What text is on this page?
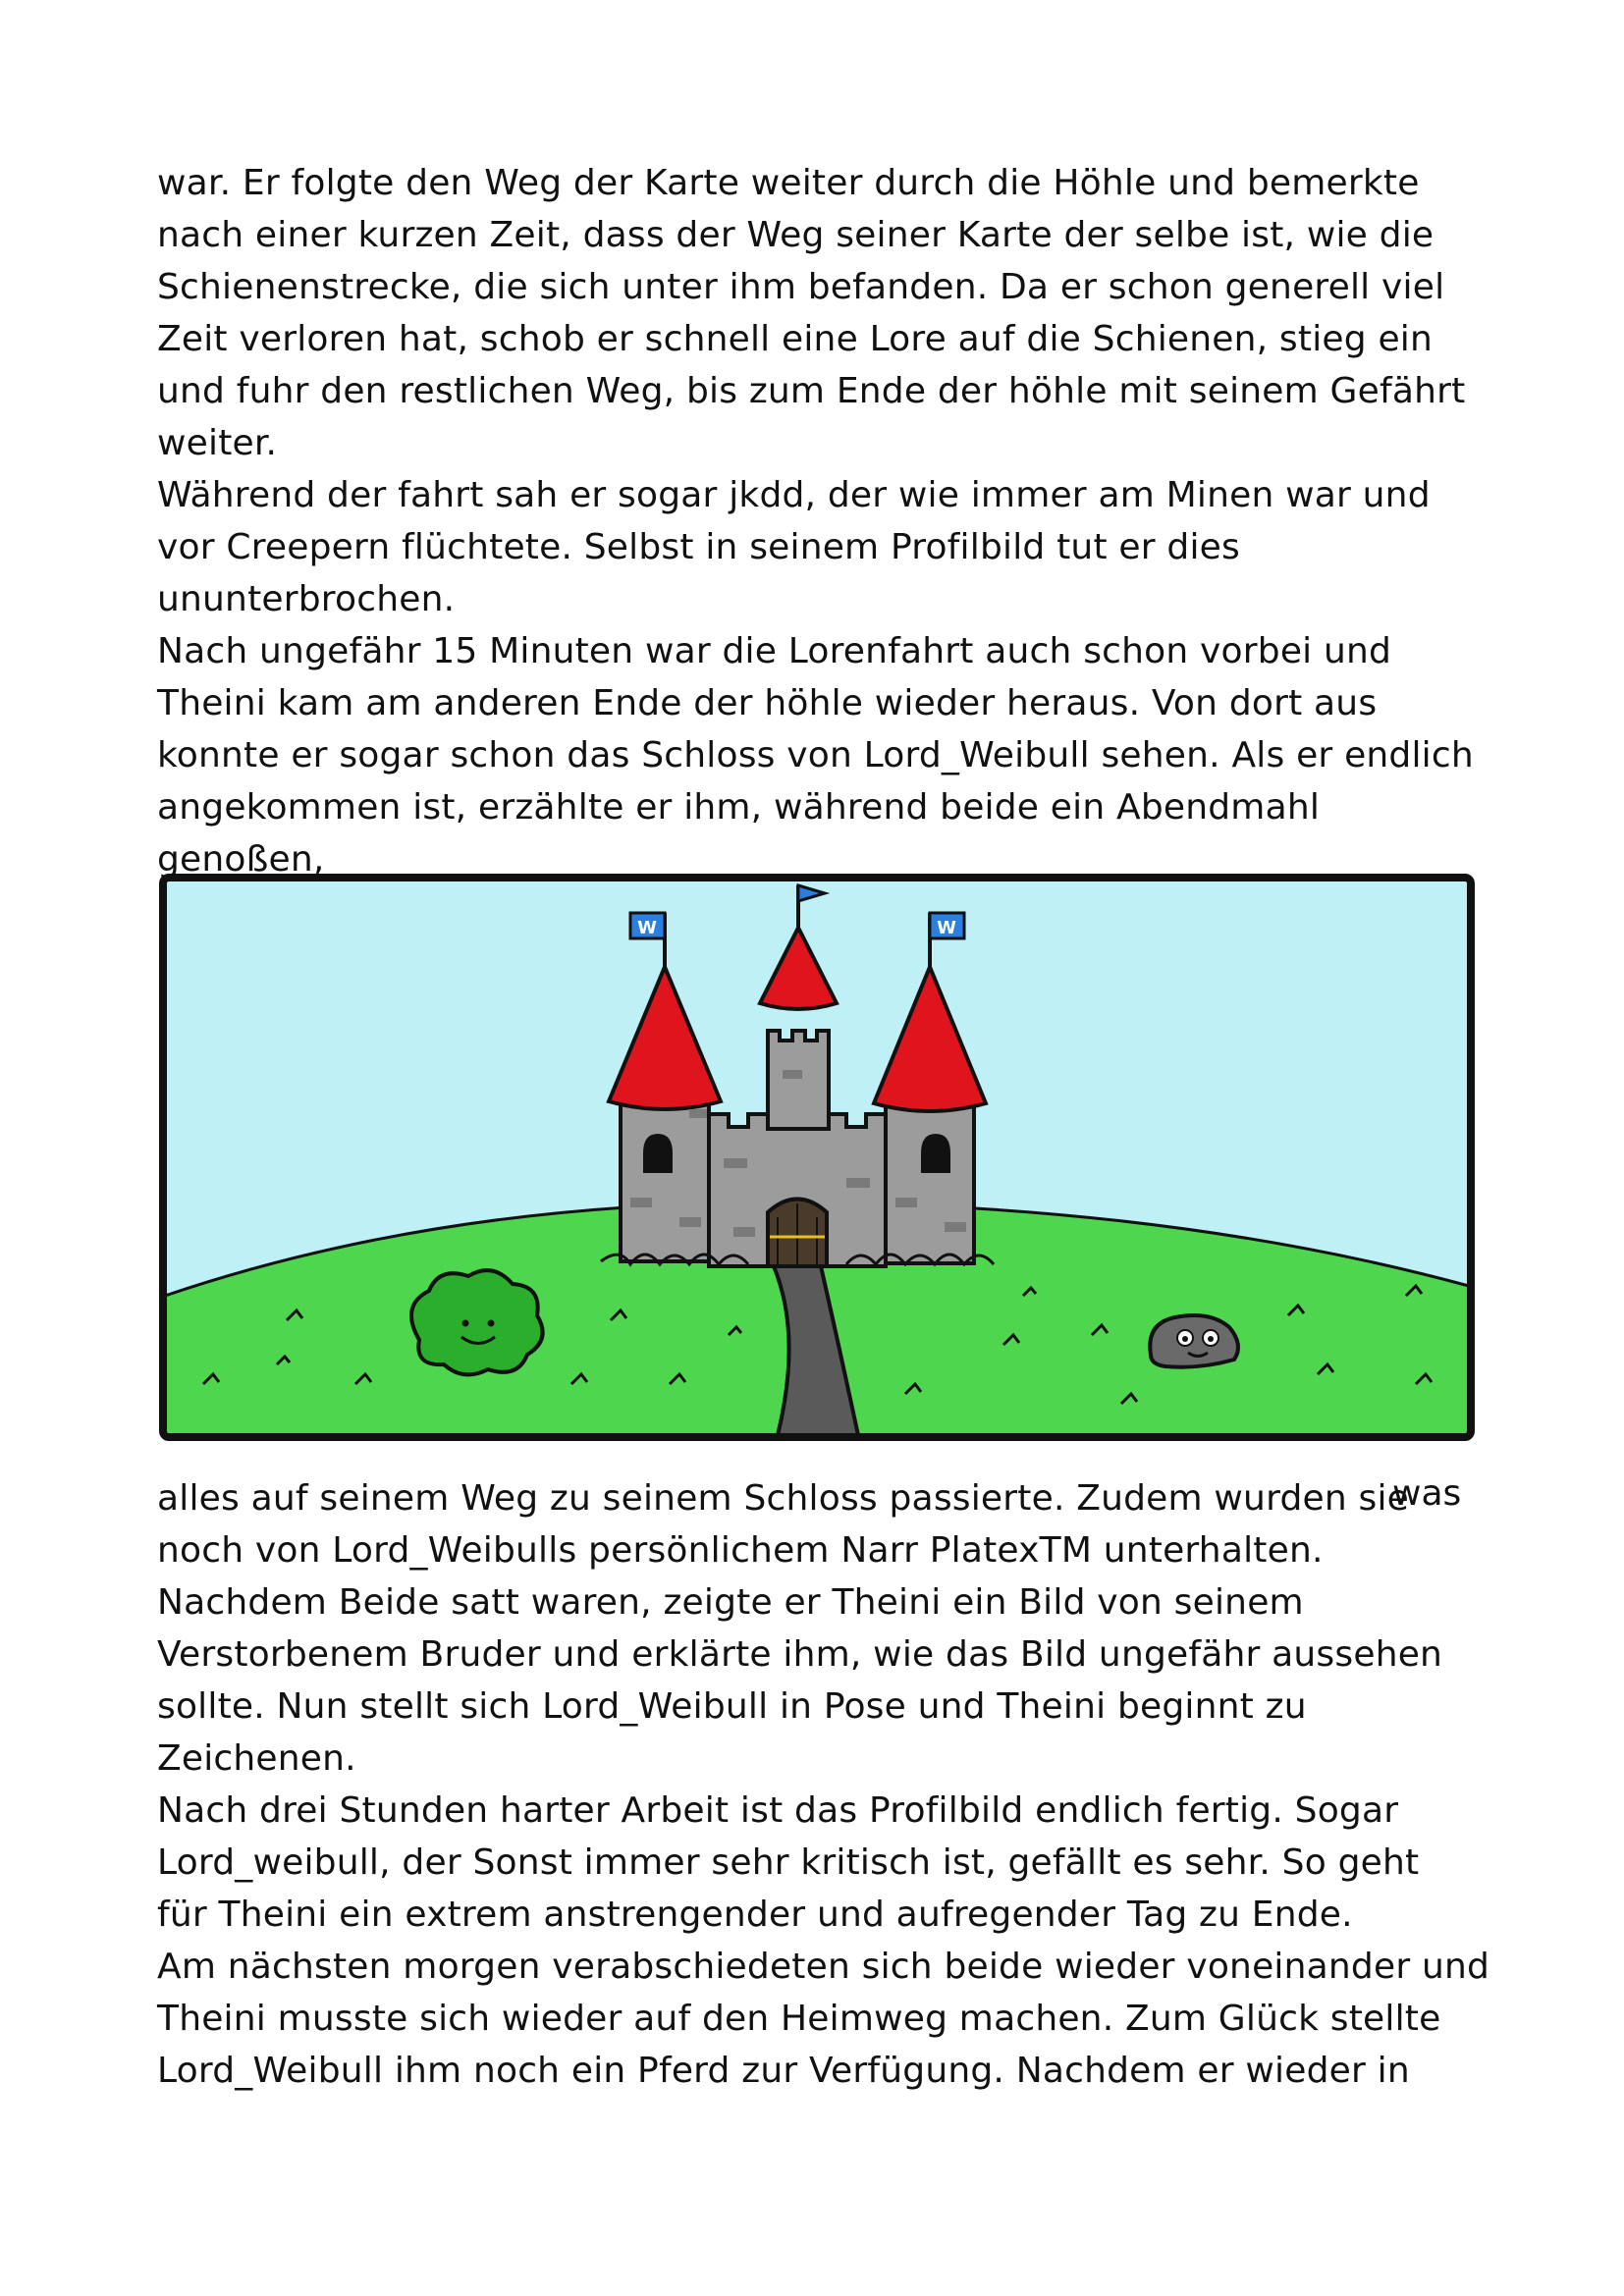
war. Er folgte den Weg der Karte weiter durch die Höhle und bemerkte
nach einer kurzen Zeit, dass der Weg seiner Karte der selbe ist, wie die
Schienenstrecke, die sich unter ihm befanden. Da er schon generell viel
Zeit verloren hat, schob er schnell eine Lore auf die Schienen, stieg ein
und fuhr den restlichen Weg, bis zum Ende der höhle mit seinem Gefährt
weiter.
Während der fahrt sah er sogar jkdd, der wie immer am Minen war und
vor Creepern flüchtete. Selbst in seinem Profilbild tut er dies
ununterbrochen.
Nach ungefähr 15 Minuten war die Lorenfahrt auch schon vorbei und
Theini kam am anderen Ende der höhle wieder heraus. Von dort aus
konnte er sogar schon das Schloss von Lord_Weibull sehen. Als er endlich
angekommen ist, erzählte er ihm, während beide ein Abendmahl genoßen,

W	W
was

alles auf seinem Weg zu seinem Schloss passierte. Zudem wurden sie
noch von Lord_Weibulls persönlichem Narr PlatexTM unterhalten.
Nachdem Beide satt waren, zeigte er Theini ein Bild von seinem
Verstorbenem Bruder und erklärte ihm, wie das Bild ungefähr aussehen
sollte. Nun stellt sich Lord_Weibull in Pose und Theini beginnt zu
Zeichenen.
Nach drei Stunden harter Arbeit ist das Profilbild endlich fertig. Sogar
Lord_weibull, der Sonst immer sehr kritisch ist, gefällt es sehr. So geht
für Theini ein extrem anstrengender und aufregender Tag zu Ende.
Am nächsten morgen verabschiedeten sich beide wieder voneinander und
Theini musste sich wieder auf den Heimweg machen. Zum Glück stellte
Lord_Weibull ihm noch ein Pferd zur Verfügung. Nachdem er wieder in
